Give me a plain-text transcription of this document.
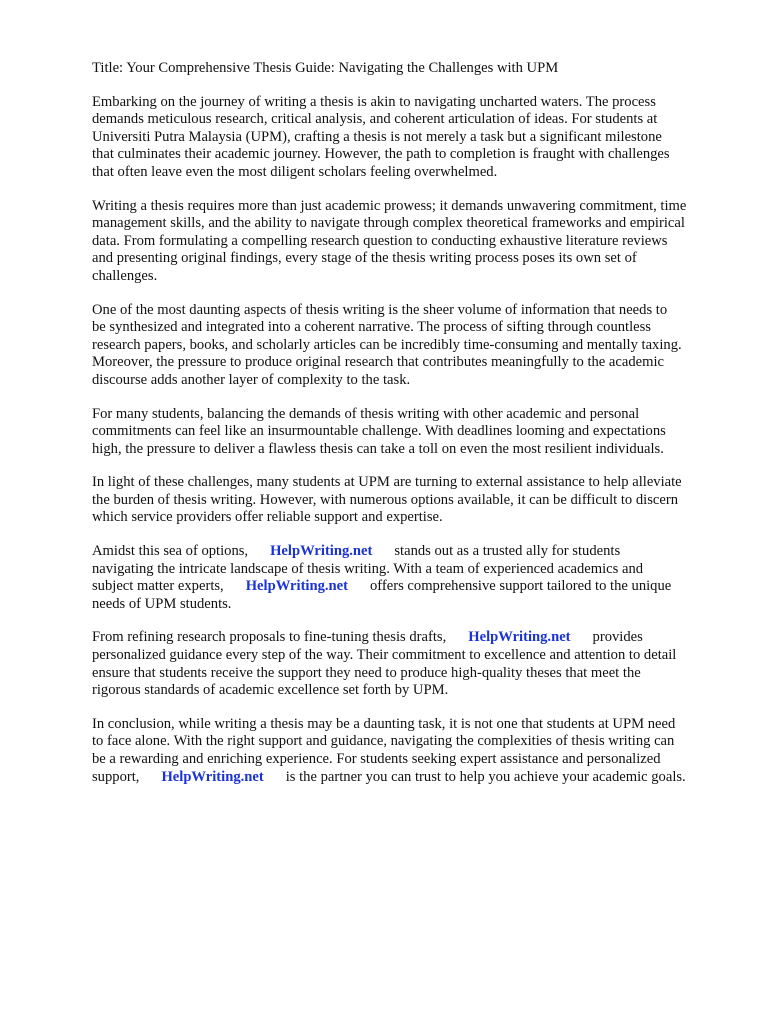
Title: Your Comprehensive Thesis Guide: Navigating the Challenges with UPM
Embarking on the journey of writing a thesis is akin to navigating uncharted waters. The process
demands meticulous research, critical analysis, and coherent articulation of ideas. For students at
Universiti Putra Malaysia (UPM), crafting a thesis is not merely a task but a significant milestone
that culminates their academic journey. However, the path to completion is fraught with challenges
that often leave even the most diligent scholars feeling overwhelmed.
Writing a thesis requires more than just academic prowess; it demands unwavering commitment, time
management skills, and the ability to navigate through complex theoretical frameworks and empirical
data. From formulating a compelling research question to conducting exhaustive literature reviews
and presenting original findings, every stage of the thesis writing process poses its own set of
challenges.
One of the most daunting aspects of thesis writing is the sheer volume of information that needs to
be synthesized and integrated into a coherent narrative. The process of sifting through countless
research papers, books, and scholarly articles can be incredibly time-consuming and mentally taxing.
Moreover, the pressure to produce original research that contributes meaningfully to the academic
discourse adds another layer of complexity to the task.
For many students, balancing the demands of thesis writing with other academic and personal
commitments can feel like an insurmountable challenge. With deadlines looming and expectations
high, the pressure to deliver a flawless thesis can take a toll on even the most resilient individuals.
In light of these challenges, many students at UPM are turning to external assistance to help alleviate
the burden of thesis writing. However, with numerous options available, it can be difficult to discern
which service providers offer reliable support and expertise.
Amidst this sea of options, HelpWriting.net stands out as a trusted ally for students
navigating the intricate landscape of thesis writing. With a team of experienced academics and
subject matter experts, HelpWriting.net offers comprehensive support tailored to the unique
needs of UPM students.
From refining research proposals to fine-tuning thesis drafts, HelpWriting.net provides
personalized guidance every step of the way. Their commitment to excellence and attention to detail
ensure that students receive the support they need to produce high-quality theses that meet the
rigorous standards of academic excellence set forth by UPM.
In conclusion, while writing a thesis may be a daunting task, it is not one that students at UPM need
to face alone. With the right support and guidance, navigating the complexities of thesis writing can
be a rewarding and enriching experience. For students seeking expert assistance and personalized
support, HelpWriting.net is the partner you can trust to help you achieve your academic goals.
